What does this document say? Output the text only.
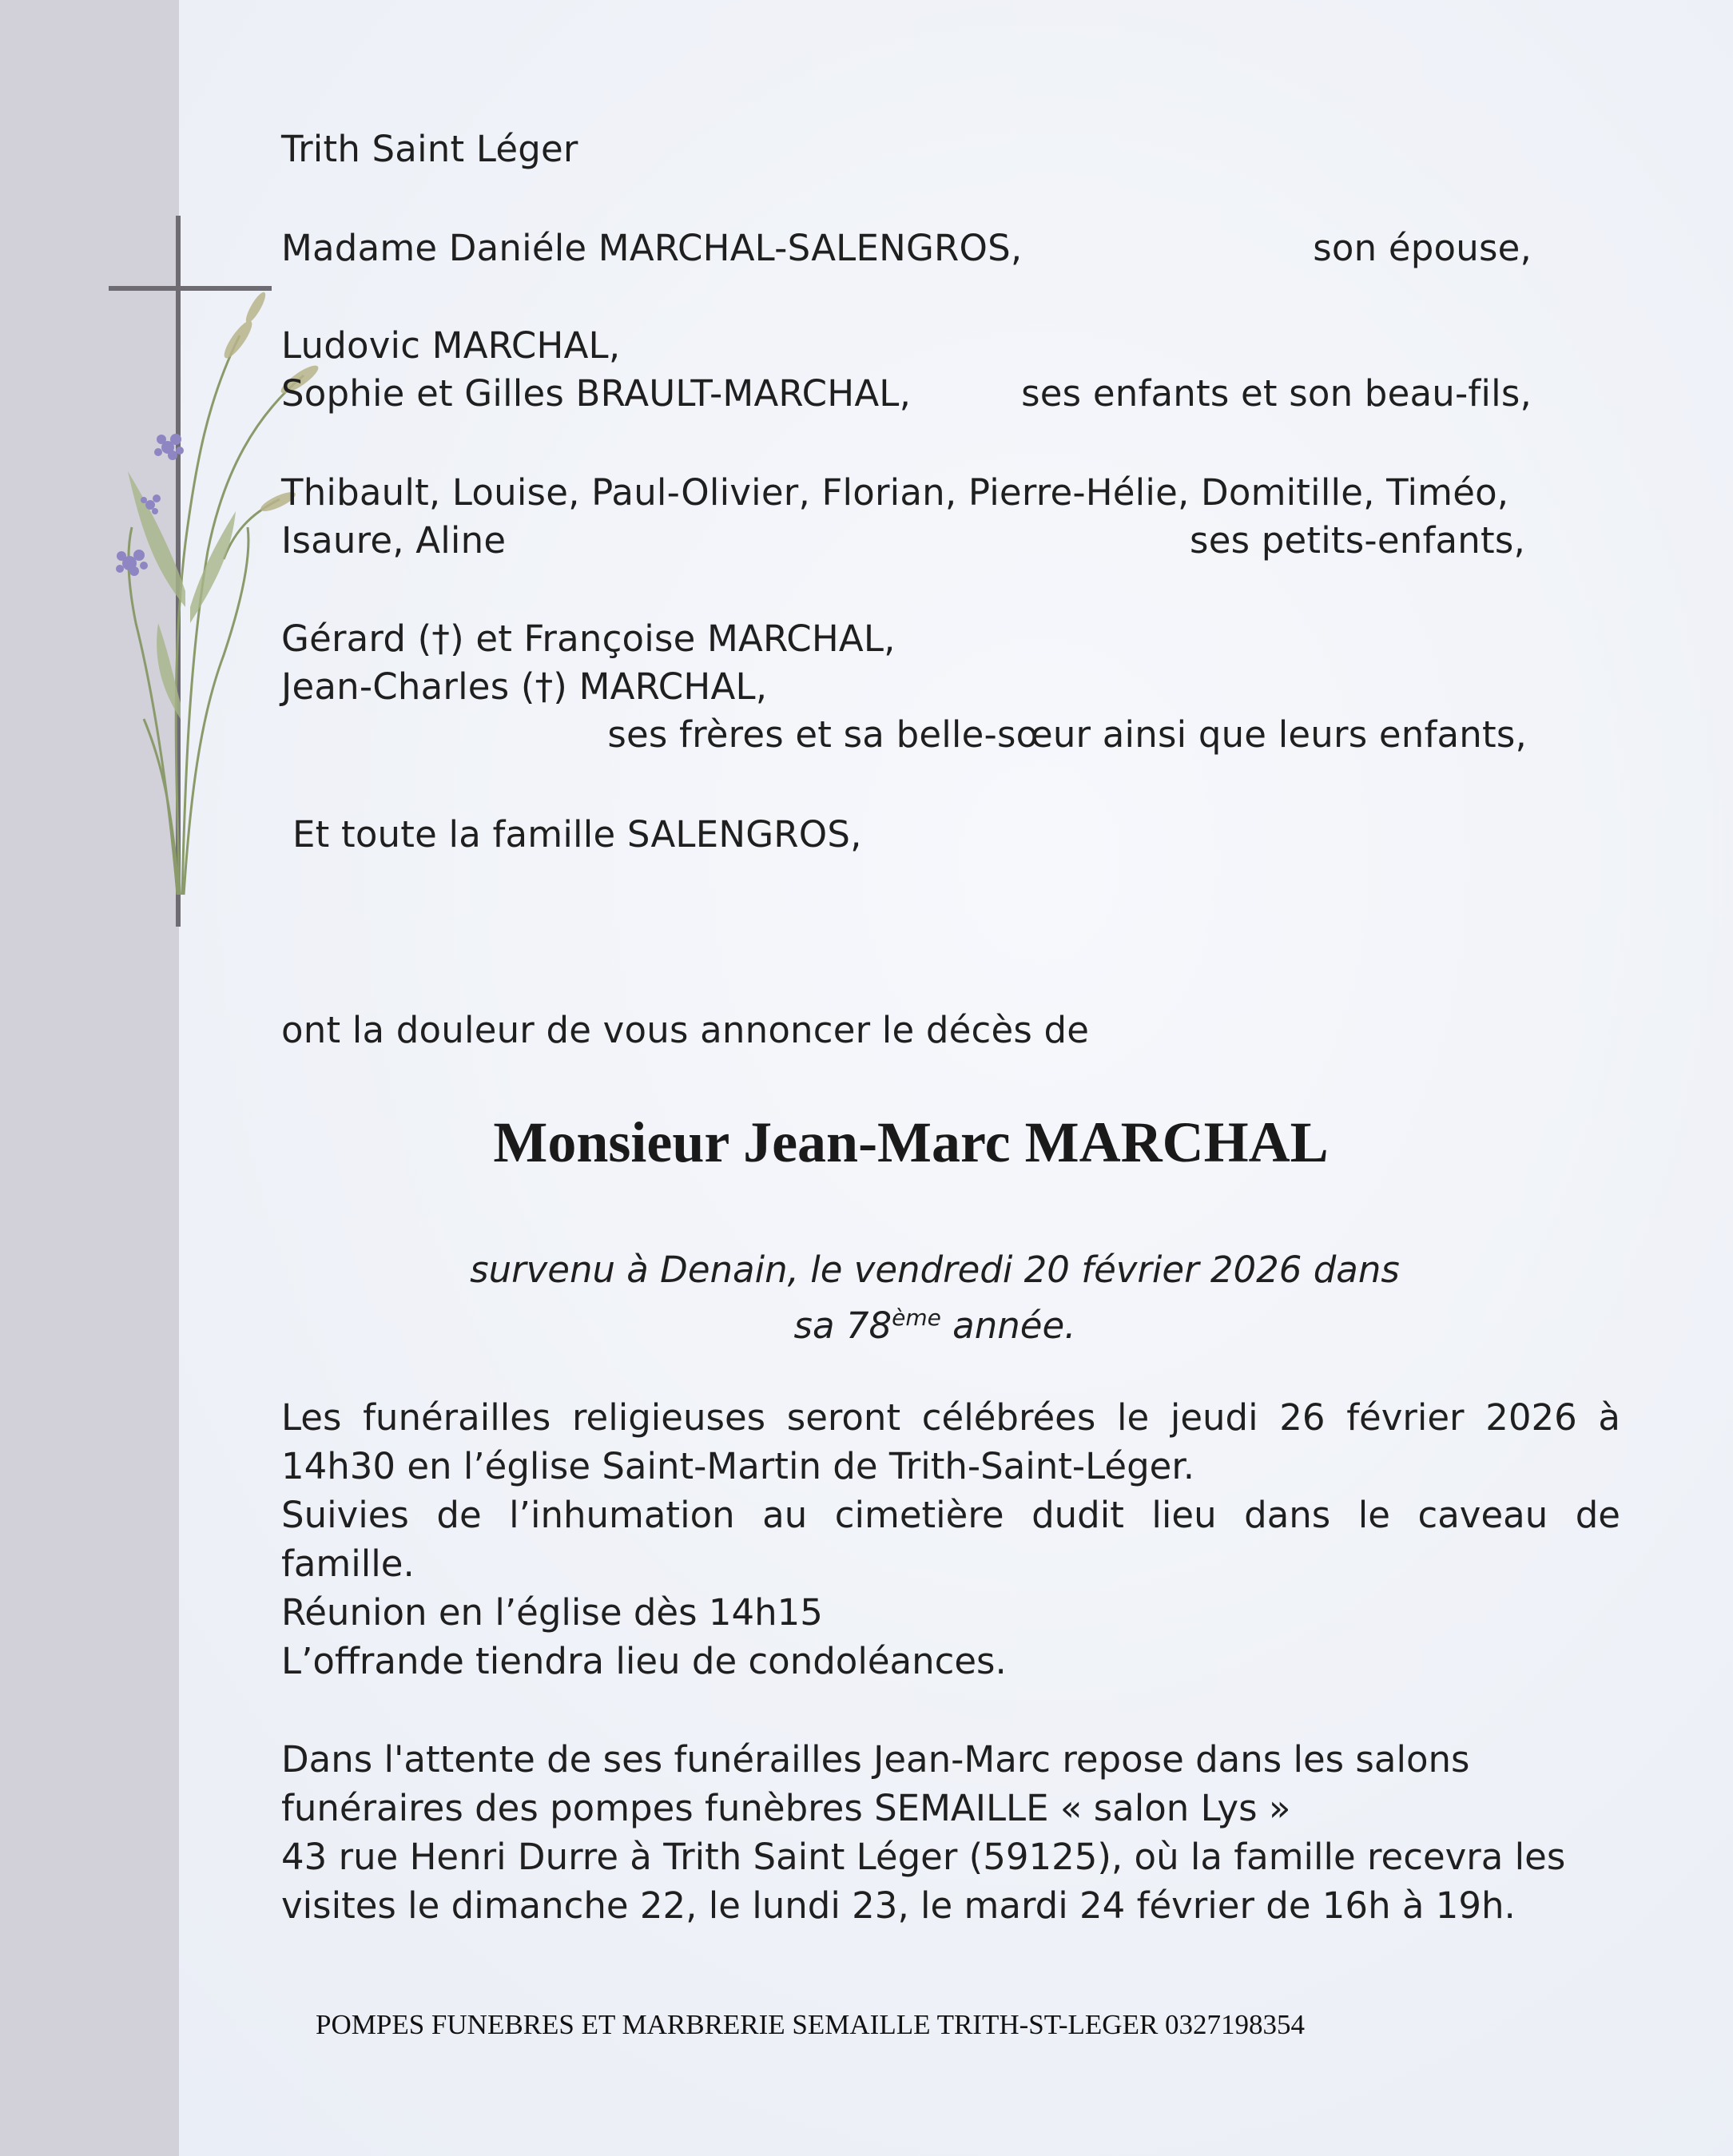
Trith Saint Léger
Madame Daniéle MARCHAL-SALENGROS,	son épouse,
Ludovic MARCHAL,
Sophie et Gilles BRAULT-MARCHAL,	ses enfants et son beau-fils,
Thibault, Louise, Paul-Olivier, Florian, Pierre-Hélie, Domitille, Timéo,
Isaure, Aline	ses petits-enfants,
Gérard (†) et Françoise MARCHAL,
Jean-Charles (†) MARCHAL,
ses frères et sa belle-sœur ainsi que leurs enfants,
Et toute la famille SALENGROS,
ont la douleur de vous annoncer le décès de
Monsieur Jean-Marc MARCHAL
survenu à Denain, le vendredi 20 février 2026 dans
sa 78ème année.
Les funérailles religieuses seront célébrées le jeudi 26 février 2026 à
14h30 en l’église Saint-Martin de Trith-Saint-Léger.
Suivies de l’inhumation au cimetière dudit lieu dans le caveau de
famille.
Réunion en l’église dès 14h15
L’offrande tiendra lieu de condoléances.
Dans l'attente de ses funérailles Jean-Marc repose dans les salons
funéraires des pompes funèbres SEMAILLE « salon Lys »
43 rue Henri Durre à Trith Saint Léger (59125), où la famille recevra les
visites le dimanche 22, le lundi 23, le mardi 24 février de 16h à 19h.
POMPES FUNEBRES ET MARBRERIE SEMAILLE TRITH-ST-LEGER 0327198354
